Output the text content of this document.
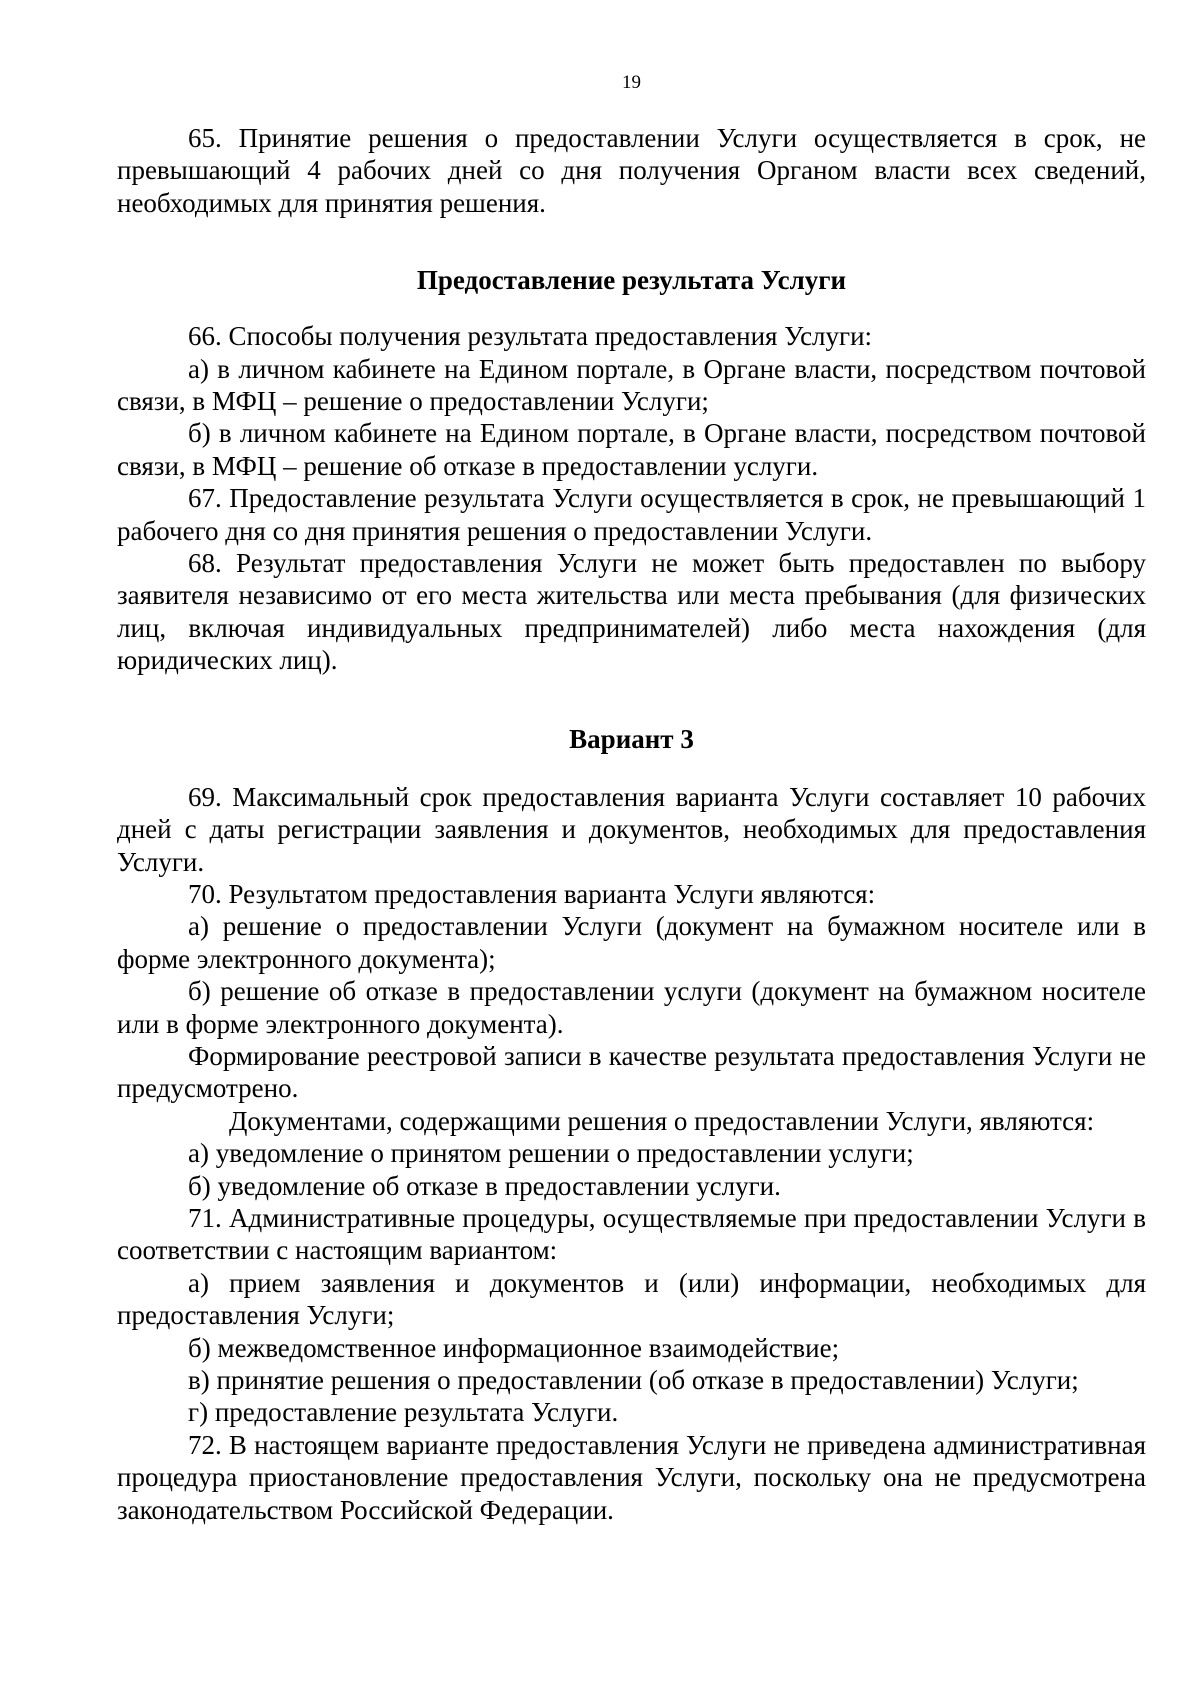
19

65. Принятие решения о предоставлении Услуги осуществляется в срок, не превышающий 4 рабочих дней со дня получения Органом власти всех сведений, необходимых для принятия решения.

Предоставление результата Услуги

66. Способы получения результата предоставления Услуги:

а) в личном кабинете на Едином портале, в Органе власти, посредством почтовой связи, в МФЦ – решение о предоставлении Услуги;

б) в личном кабинете на Едином портале, в Органе власти, посредством почтовой связи, в МФЦ – решение об отказе в предоставлении услуги.

67. Предоставление результата Услуги осуществляется в срок, не превышающий 1 рабочего дня со дня принятия решения о предоставлении Услуги.

68. Результат предоставления Услуги не может быть предоставлен по выбору заявителя независимо от его места жительства или места пребывания (для физических лиц, включая индивидуальных предпринимателей) либо места нахождения (для юридических лиц).

Вариант 3

69. Максимальный срок предоставления варианта Услуги составляет 10 рабочих дней с даты регистрации заявления и документов, необходимых для предоставления Услуги.

70. Результатом предоставления варианта Услуги являются:

а) решение о предоставлении Услуги (документ на бумажном носителе или в форме электронного документа);

б) решение об отказе в предоставлении услуги (документ на бумажном носителе или в форме электронного документа).

Формирование реестровой записи в качестве результата предоставления Услуги не предусмотрено.

Документами, содержащими решения о предоставлении Услуги, являются:

а) уведомление о принятом решении о предоставлении услуги;

б) уведомление об отказе в предоставлении услуги.

71. Административные процедуры, осуществляемые при предоставлении Услуги в соответствии с настоящим вариантом:

а) прием заявления и документов и (или) информации, необходимых для предоставления Услуги;

б) межведомственное информационное взаимодействие;

в) принятие решения о предоставлении (об отказе в предоставлении) Услуги;

г) предоставление результата Услуги.

72. В настоящем варианте предоставления Услуги не приведена административная процедура приостановление предоставления Услуги, поскольку она не предусмотрена законодательством Российской Федерации.
